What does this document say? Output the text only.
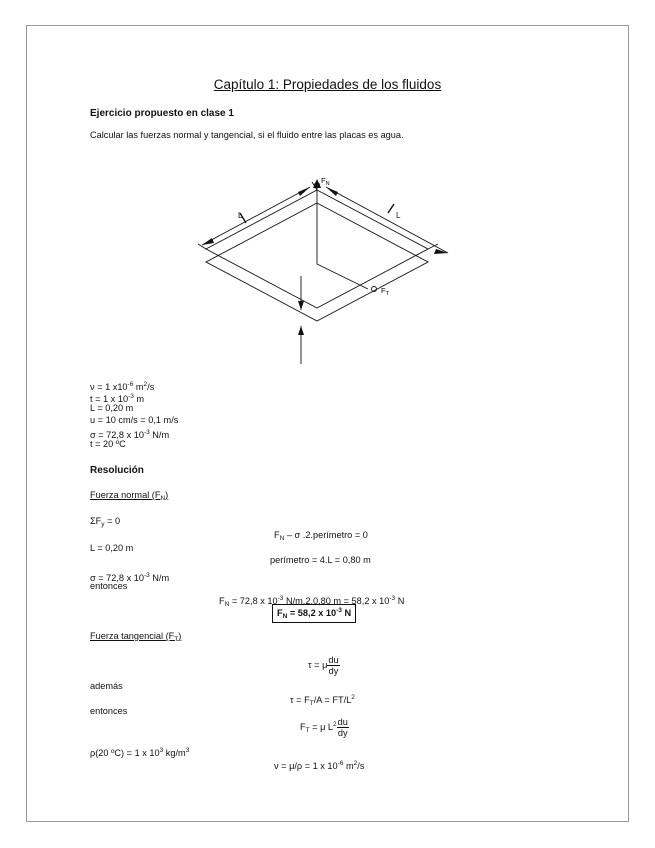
Capítulo 1: Propiedades de los fluidos
Ejercicio propuesto en clase 1
Calcular las fuerzas normal y tangencial, si el fluido entre las placas es agua.
$F_N$
$F_T$
ν = 1 $x10^{-6}$ $m^2/s$
t = 1 x $10^{-3}$ m
L = 0,20 m
u = 10 cm/s = 0,1 m/s
σ = 72,8 x $10^{-3}$ N/m
t = 20 ºC
Resolución
Fuerza normal $(F_N)$
$\Sigma F_y = 0$
$F_N$ – σ .2.perímetro = 0
L = 0,20 m
perímetro = 4.L = 0,80 m
σ = 72,8 x $10^{-3}$ N/m
entonces
$F_N = 72,8$ x $10^{-3}$ N/m.2.0,80 m = 58,2 x $10^{-3}$ N
$F_N = 58,2$ x $10^{-3}$ N
Fuerza tangencial $(F_T)$
τ = μ $\frac{du}{dy}$
además
$\tau = F_T/A = FT/L^2$
entonces
$F_T = \mu$ $L^2 \frac{du}{dy}$
ρ(20 ºC) = 1 x $10^3$ $kg/m^3$
ν = μ/ρ = 1 x $10^{-6}$ $m^2/s$
L	L
